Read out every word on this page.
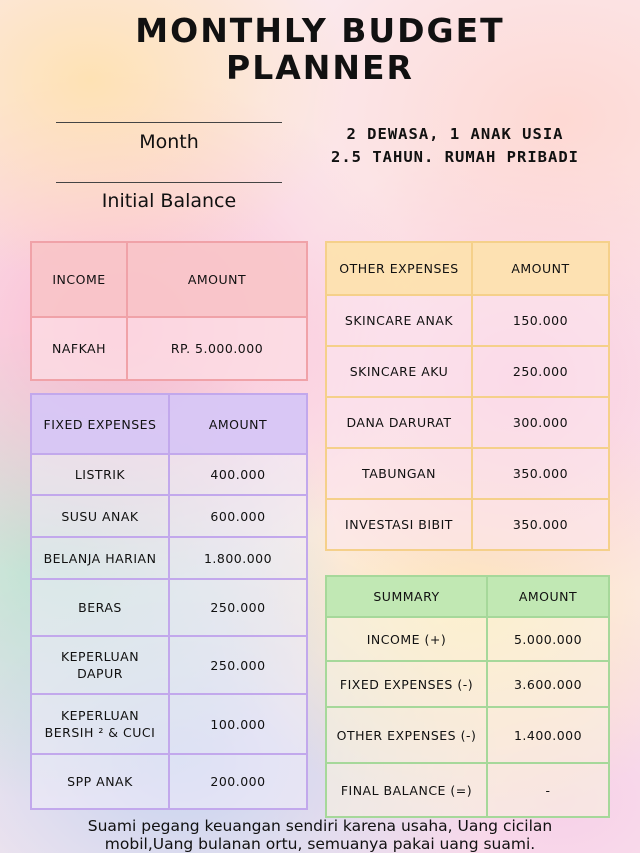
MONTHLY BUDGET
PLANNER
Month
Initial Balance
2 DEWASA, 1 ANAK USIA 2.5 TAHUN. RUMAH PRIBADI
INCOME	AMOUNT
NAFKAH	RP. 5.000.000
FIXED EXPENSES	AMOUNT
LISTRIK	400.000
SUSU ANAK	600.000
BELANJA HARIAN	1.800.000
BERAS	250.000
KEPERLUAN DAPUR	250.000
KEPERLUAN BERSIH ² & CUCI	100.000
SPP ANAK	200.000
OTHER EXPENSES	AMOUNT
SKINCARE ANAK	150.000
SKINCARE AKU	250.000
DANA DARURAT	300.000
TABUNGAN	350.000
INVESTASI BIBIT	350.000
SUMMARY	AMOUNT
INCOME (+)	5.000.000
FIXED EXPENSES (-)	3.600.000
OTHER EXPENSES (-)	1.400.000
FINAL BALANCE (=)	-
Suami pegang keuangan sendiri karena usaha, Uang cicilan
mobil,Uang bulanan ortu, semuanya pakai uang suami.
